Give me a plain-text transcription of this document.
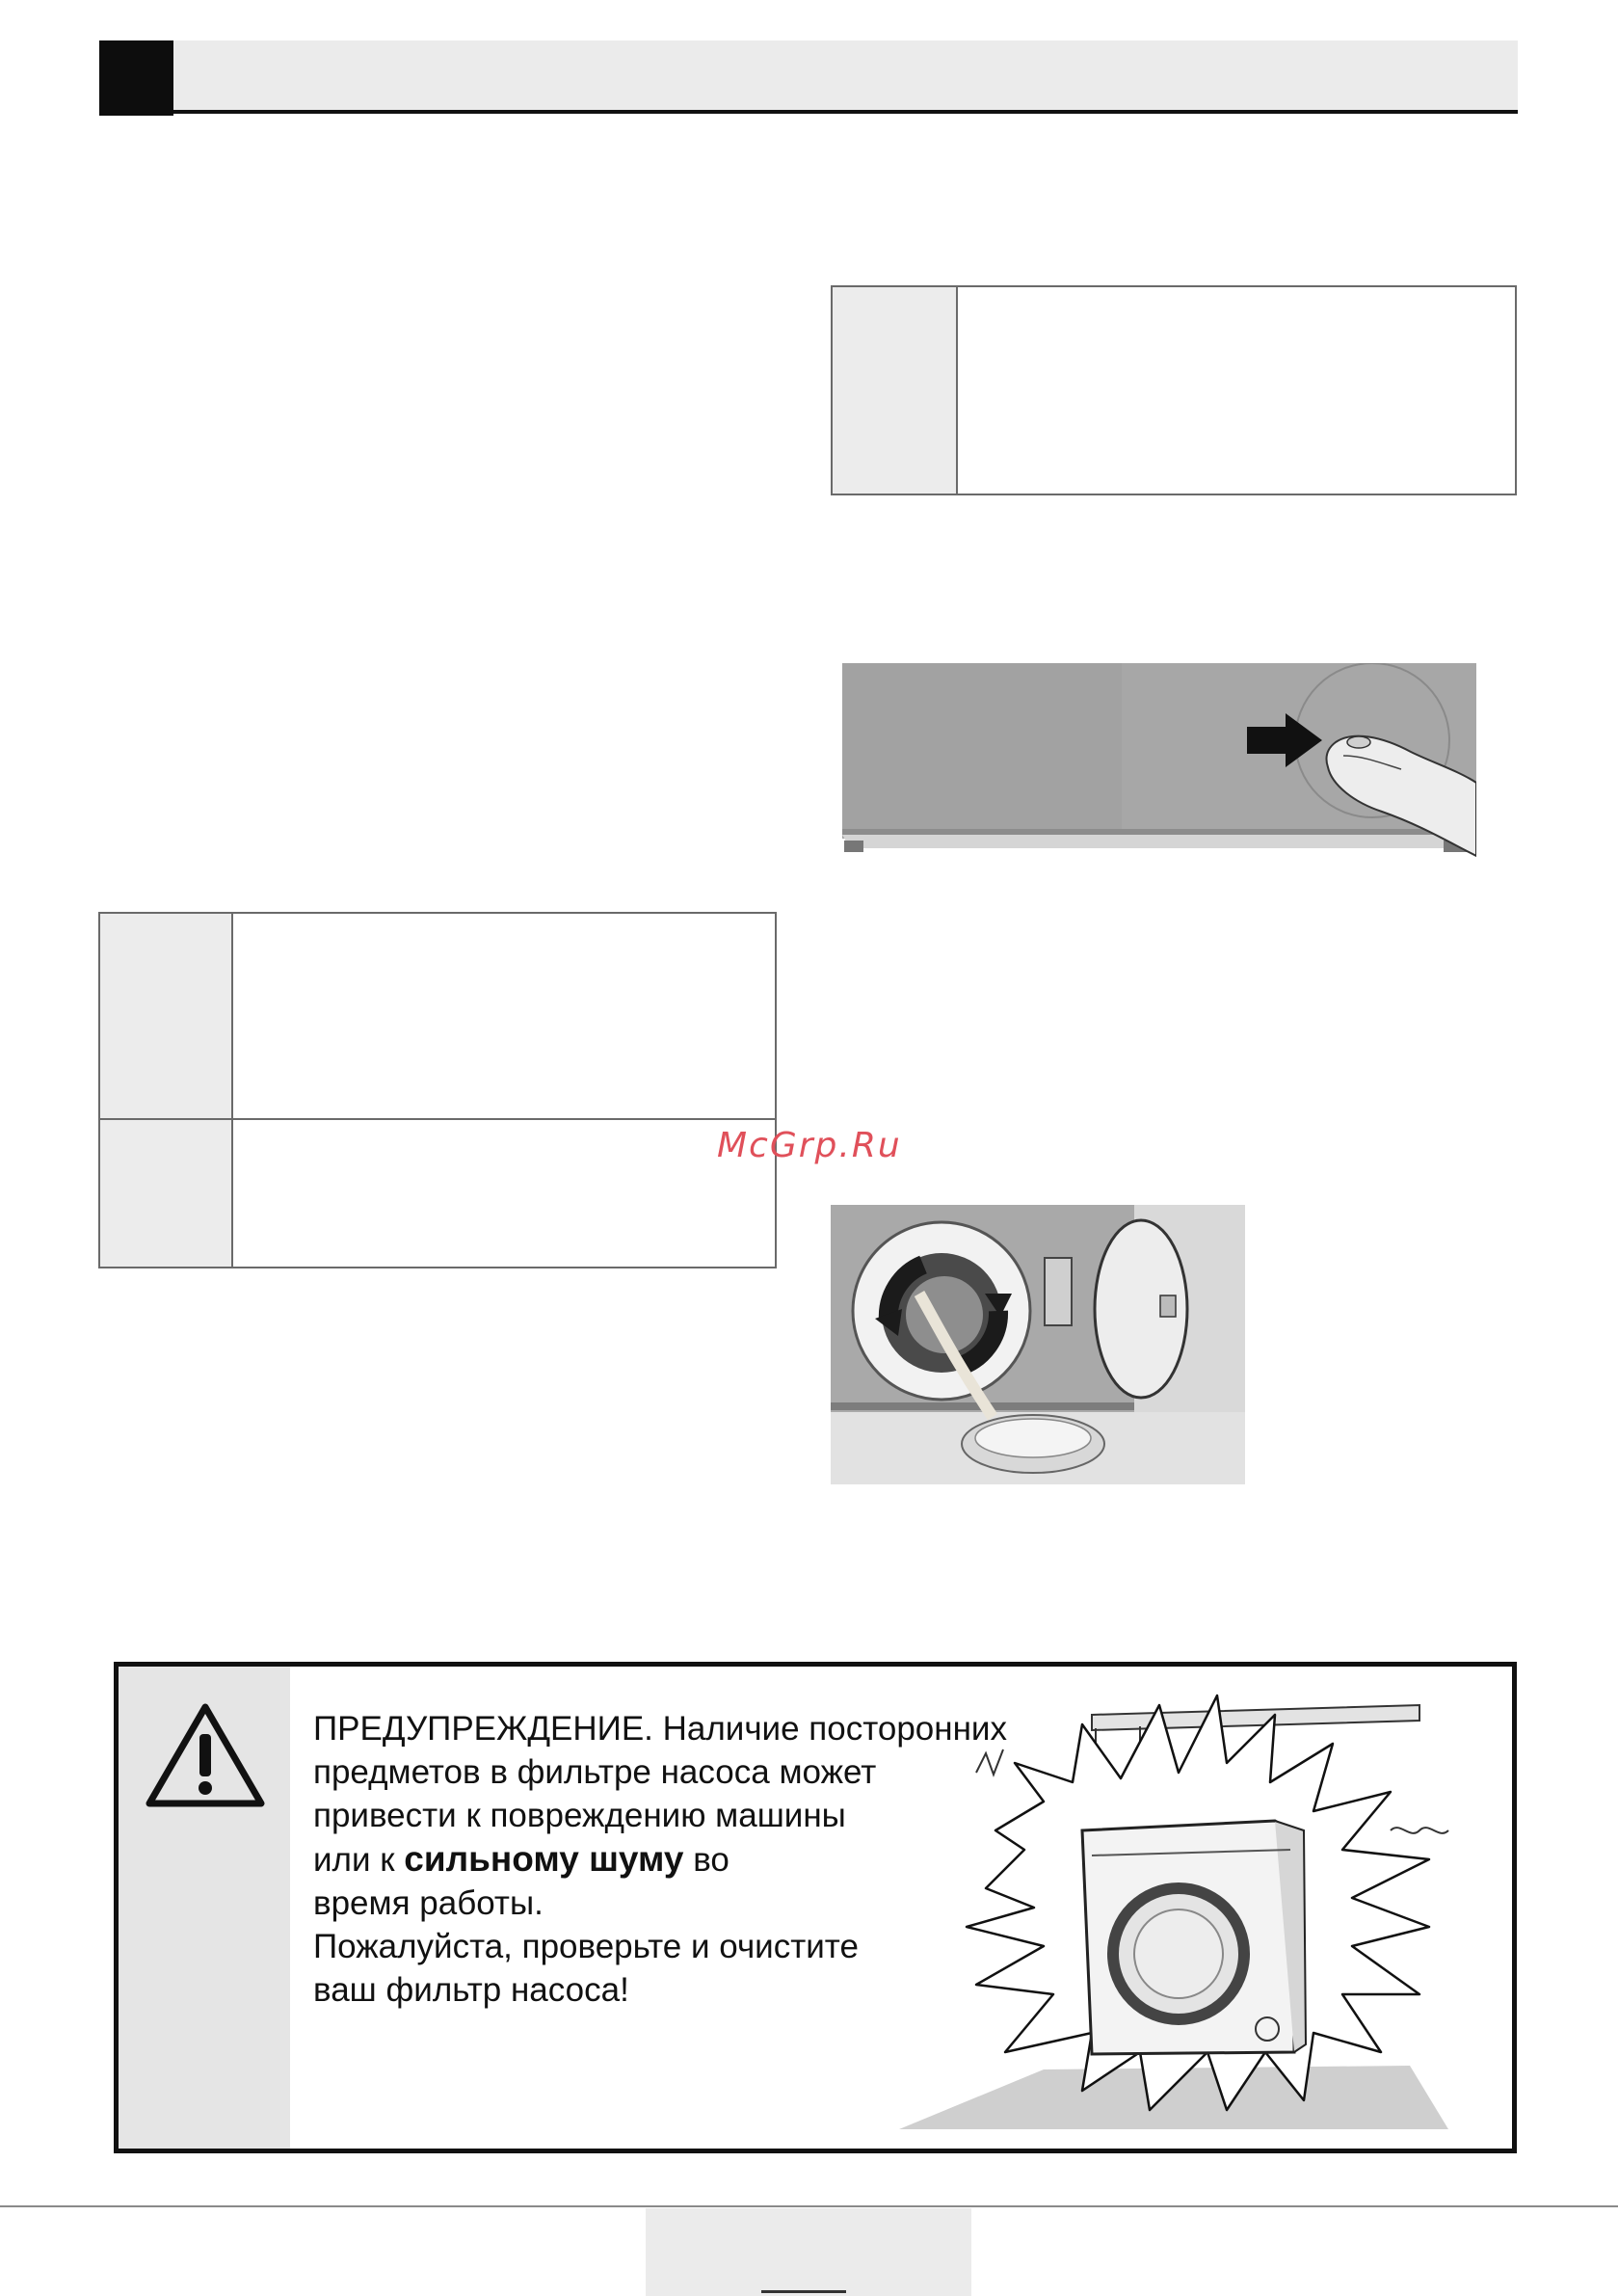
McGrp.Ru

ПРЕДУПРЕЖДЕНИЕ. Наличие посторонних

предметов в фильтре насоса может

привести к повреждению машины

или к сильному шуму во

время работы.

Пожалуйста, проверьте и очистите

ваш фильтр насоса!
